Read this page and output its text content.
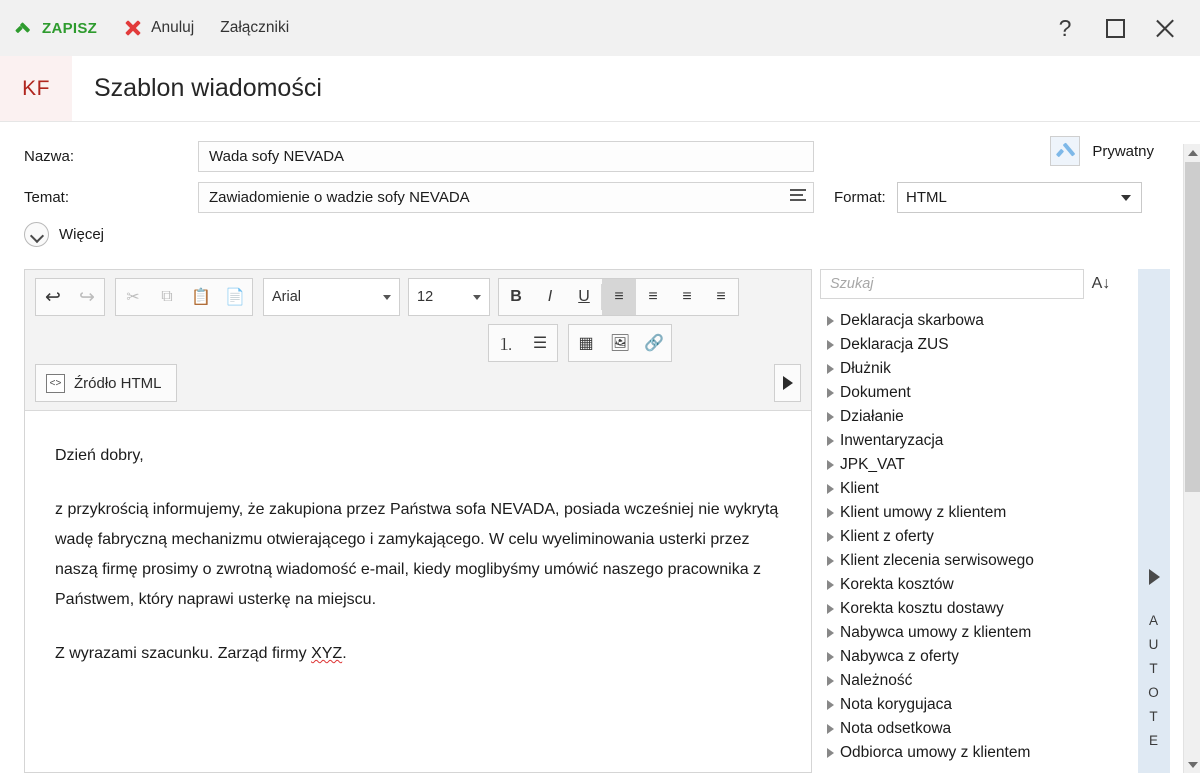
ZAPISZ	Anuluj Załączniki	?
KF	Szablon wiadomości
Nazwa:
Wada sofy NEVADA
Temat:
Zawiadomienie o wadzie sofy NEVADA	Format:
HTML
Prywatny
Więcej
↩ ↪	✂	⧉	📋 📄	Arial	12	B I U	≡	≡	≡	≡
⒈	☰	▦	🖼 🔗
<> Źródło HTML

Dzień dobry,

z przykrością informujemy, że zakupiona przez Państwa sofa NEVADA, posiada wcześniej nie wykrytą wadę fabryczną mechanizmu otwierającego i zamykającego. W celu wyeliminowania usterki przez naszą firmę prosimy o zwrotną wiadomość e-mail, kiedy moglibyśmy umówić naszego pracownika z Państwem, który naprawi usterkę na miejscu.

Z wyrazami szacunku. Zarząd firmy XYZ.

Szukaj
A↓
Deklaracja skarbowa
Deklaracja ZUS
Dłużnik
Dokument
Działanie
Inwentaryzacja
JPK_VAT
Klient
Klient umowy z klientem
Klient z oferty
Klient zlecenia serwisowego
Korekta kosztów
Korekta kosztu dostawy
Nabywca umowy z klientem
Nabywca z oferty
Należność
Nota korygujaca
Nota odsetkowa
Odbiorca umowy z klientem
A
U
T
O
T
E
